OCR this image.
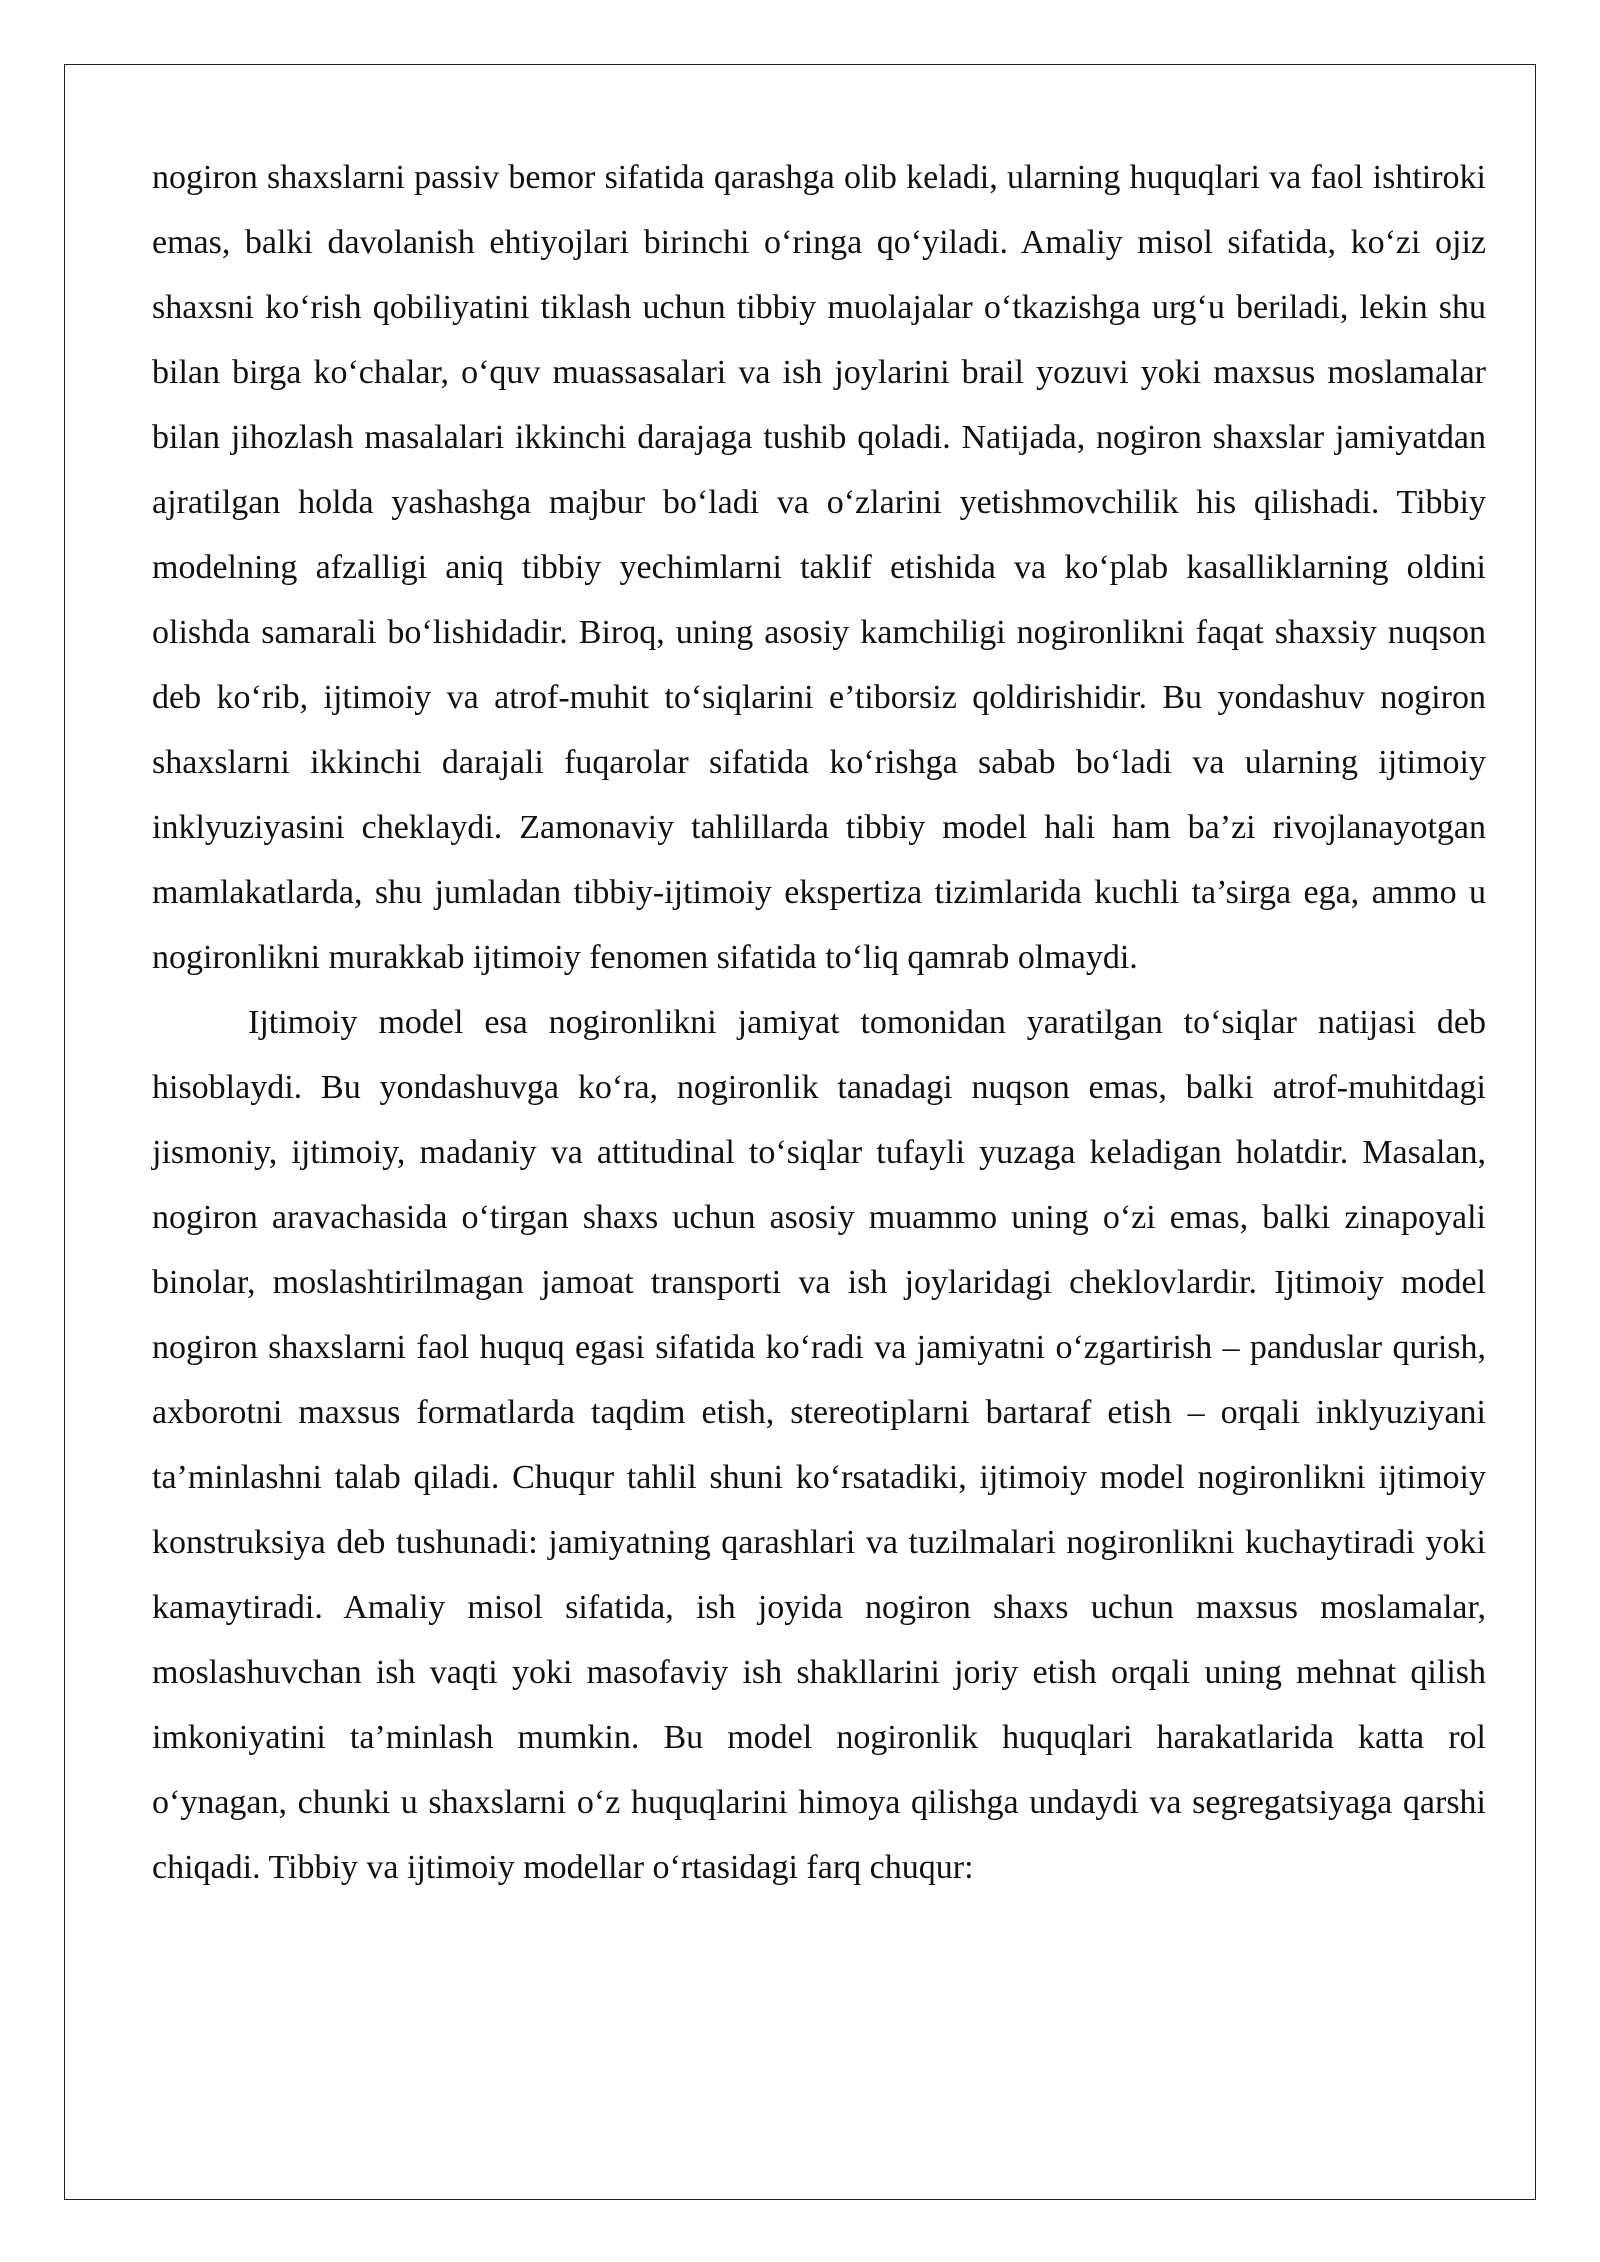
nogiron shaxslarni passiv bemor sifatida qarashga olib keladi, ularning huquqlari va faol ishtiroki emas, balki davolanish ehtiyojlari birinchi o‘ringa qo‘yiladi. Amaliy misol sifatida, ko‘zi ojiz shaxsni ko‘rish qobiliyatini tiklash uchun tibbiy muolajalar o‘tkazishga urg‘u beriladi, lekin shu bilan birga ko‘chalar, o‘quv muassasalari va ish joylarini brail yozuvi yoki maxsus moslamalar bilan jihozlash masalalari ikkinchi darajaga tushib qoladi. Natijada, nogiron shaxslar jamiyatdan ajratilgan holda yashashga majbur bo‘ladi va o‘zlarini yetishmovchilik his qilishadi. Tibbiy modelning afzalligi aniq tibbiy yechimlarni taklif etishida va ko‘plab kasalliklarning oldini olishda samarali bo‘lishidadir. Biroq, uning asosiy kamchiligi nogironlikni faqat shaxsiy nuqson deb ko‘rib, ijtimoiy va atrof-muhit to‘siqlarini e’tiborsiz qoldirishidir. Bu yondashuv nogiron shaxslarni ikkinchi darajali fuqarolar sifatida ko‘rishga sabab bo‘ladi va ularning ijtimoiy inklyuziyasini cheklaydi. Zamonaviy tahlillarda tibbiy model hali ham ba’zi rivojlanayotgan mamlakatlarda, shu jumladan tibbiy-ijtimoiy ekspertiza tizimlarida kuchli ta’sirga ega, ammo u nogironlikni murakkab ijtimoiy fenomen sifatida to‘liq qamrab olmaydi.

Ijtimoiy model esa nogironlikni jamiyat tomonidan yaratilgan to‘siqlar natijasi deb hisoblaydi. Bu yondashuvga ko‘ra, nogironlik tanadagi nuqson emas, balki atrof-muhitdagi jismoniy, ijtimoiy, madaniy va attitudinal to‘siqlar tufayli yuzaga keladigan holatdir. Masalan, nogiron aravachasida o‘tirgan shaxs uchun asosiy muammo uning o‘zi emas, balki zinapoyali binolar, moslashtirilmagan jamoat transporti va ish joylaridagi cheklovlardir. Ijtimoiy model nogiron shaxslarni faol huquq egasi sifatida ko‘radi va jamiyatni o‘zgartirish – panduslar qurish, axborotni maxsus formatlarda taqdim etish, stereotiplarni bartaraf etish – orqali inklyuziyani ta’minlashni talab qiladi. Chuqur tahlil shuni ko‘rsatadiki, ijtimoiy model nogironlikni ijtimoiy konstruksiya deb tushunadi: jamiyatning qarashlari va tuzilmalari nogironlikni kuchaytiradi yoki kamaytiradi. Amaliy misol sifatida, ish joyida nogiron shaxs uchun maxsus moslamalar, moslashuvchan ish vaqti yoki masofaviy ish shakllarini joriy etish orqali uning mehnat qilish imkoniyatini ta’minlash mumkin. Bu model nogironlik huquqlari harakatlarida katta rol o‘ynagan, chunki u shaxslarni o‘z huquqlarini himoya qilishga undaydi va segregatsiyaga qarshi chiqadi. Tibbiy va ijtimoiy modellar o‘rtasidagi farq chuqur:
